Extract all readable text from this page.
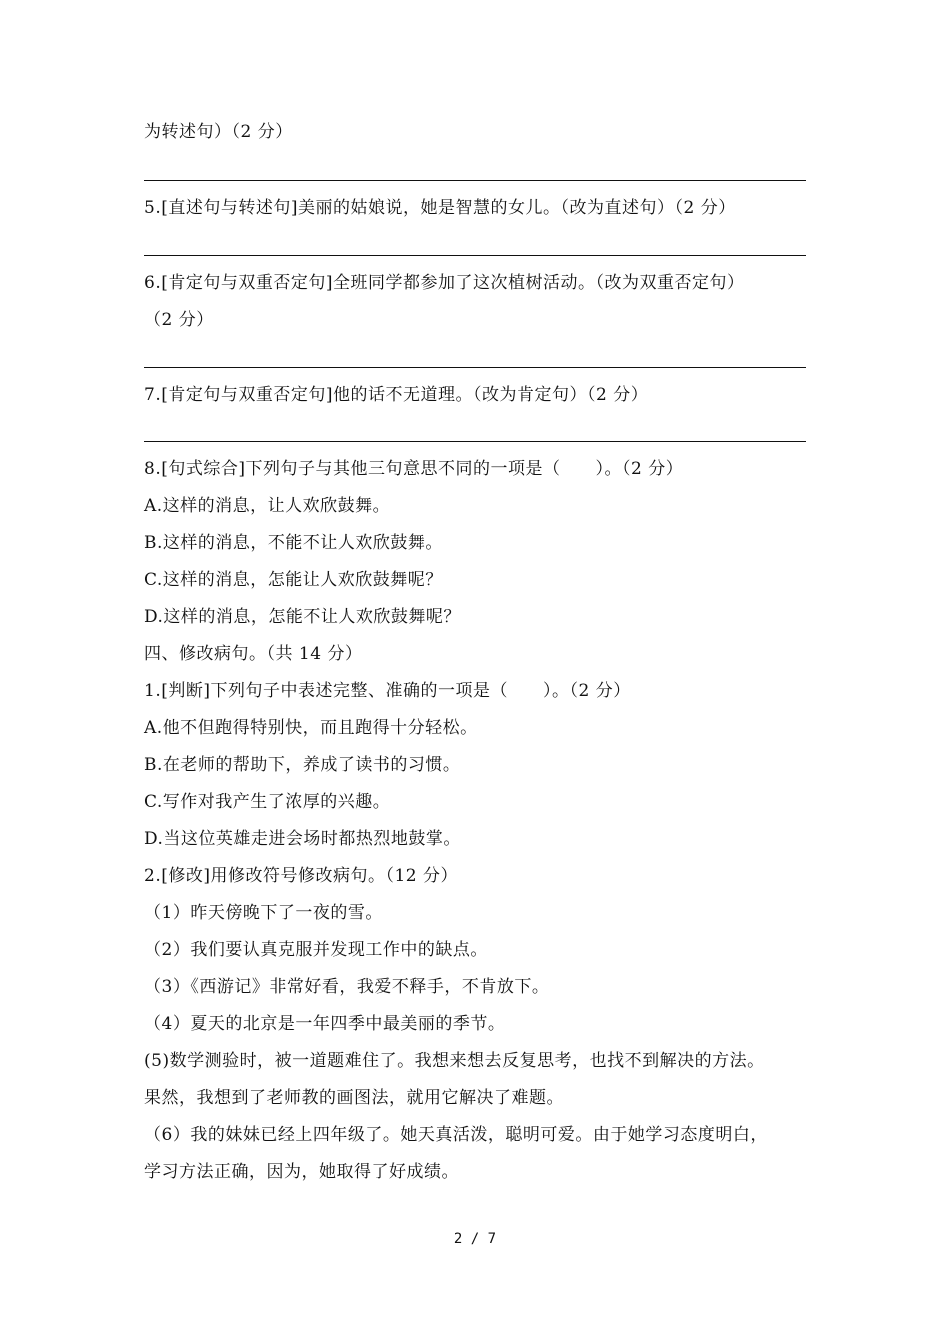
为转述句）（2 分）
5.[直述句与转述句]美丽的姑娘说，她是智慧的女儿。（改为直述句）（2 分）
6.[肯定句与双重否定句]全班同学都参加了这次植树活动。（改为双重否定句）
（2 分）
7.[肯定句与双重否定句]他的话不无道理。（改为肯定句）（2 分）
8.[句式综合]下列句子与其他三句意思不同的一项是（　　）。（2 分）
A.这样的消息，让人欢欣鼓舞。
B.这样的消息，不能不让人欢欣鼓舞。
C.这样的消息，怎能让人欢欣鼓舞呢？
D.这样的消息，怎能不让人欢欣鼓舞呢？
四、修改病句。（共 14 分）
1.[判断]下列句子中表述完整、准确的一项是（　　）。（2 分）
A.他不但跑得特别快，而且跑得十分轻松。
B.在老师的帮助下，养成了读书的习惯。
C.写作对我产生了浓厚的兴趣。
D.当这位英雄走进会场时都热烈地鼓掌。
2.[修改]用修改符号修改病句。（12 分）
（1）昨天傍晚下了一夜的雪。
（2）我们要认真克服并发现工作中的缺点。
（3）《西游记》非常好看，我爱不释手，不肯放下。
（4）夏天的北京是一年四季中最美丽的季节。
(5)数学测验时，被一道题难住了。我想来想去反复思考，也找不到解决的方法。
果然，我想到了老师教的画图法，就用它解决了难题。
（6）我的妹妹已经上四年级了。她天真活泼，聪明可爱。由于她学习态度明白，
学习方法正确，因为，她取得了好成绩。
2 / 7
